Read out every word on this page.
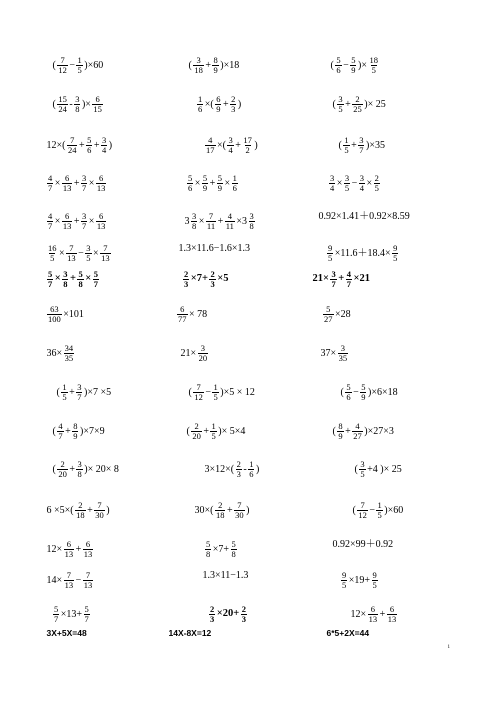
( $\frac{7}{12} - \frac{1}{5} )\times 60$	( $\frac{3}{18} + \frac{8}{9} )\times 18$	( $\frac{5}{6} - \frac{5}{9}$ )× $\frac{18}{5}$
( $\frac{15}{24} - \frac{3}{8}$ )× $\frac{6}{15}$	$\frac{1}{6}$ ×( $\frac{6}{9} + \frac{2}{3}$ )	( $\frac{3}{5} + \frac{2}{25}$ )× 25
$12\times( \frac{7}{24} + \frac{5}{6} + \frac{3}{4}$ )	$\frac{4}{17}$ ×( $\frac{3}{4} + \frac{17}{2}$ )	( $\frac{1}{5} + \frac{3}{7} )\times 35$
$\frac{4}{7} \times \frac{6}{13} + \frac{3}{7} \times \frac{6}{13}$	$\frac{5}{6} \times \frac{5}{9} + \frac{5}{9} \times \frac{1}{6}$	$\frac{3}{4} \times \frac{3}{5} - \frac{3}{4} \times \frac{2}{5}$
$\frac{4}{7} \times \frac{6}{13} + \frac{3}{7} \times \frac{6}{13}$	$3 \frac{3}{8} \times \frac{7}{11} + \frac{4}{11} \times 3 \frac{3}{8}$	0.92×1.41＋0.92×8.59
$\frac{16}{5} \times \frac{7}{13} - \frac{3}{5} \times \frac{7}{13}$	1.3×11.6−1.6×1.3	$\frac{9}{5} \times 11.6+18.4\times \frac{9}{5}$
$\frac{5}{7} \times \frac{3}{8} + \frac{5}{8} \times \frac{5}{7}$	$\frac{2}{3} \times 7+ \frac{2}{3} \times 5$	$21\times \frac{3}{7} + \frac{4}{7} \times 21$
$\frac{63}{100} \times 101$	$\frac{6}{77} \times 78$	$\frac{5}{27} \times 28$
$36\times \frac{34}{35}$	$21\times \frac{3}{20}$	$37\times \frac{3}{35}$
( $\frac{1}{5} + \frac{3}{7} )\times 7 \times 5$	( $\frac{7}{12} - \frac{1}{5} )\times 5 \times 12$	( $\frac{5}{6} - \frac{5}{9} )\times 6\times 18$
( $\frac{4}{7} + \frac{8}{9} )\times 7\times 9$	( $\frac{2}{20} + \frac{1}{5}$ )× 5×4	( $\frac{8}{9} + \frac{4}{27} )\times 27\times 3$
( $\frac{2}{20} + \frac{3}{8}$ )× 20× 8	$3\times 12\times( \frac{2}{3} - \frac{1}{6}$ )	( $\frac{3}{5} +4$ )× 25
$6 \times 5\times( \frac{2}{18} + \frac{7}{30}$ )	$30\times( \frac{2}{18} + \frac{7}{30}$ )	( $\frac{7}{12} - \frac{1}{5} )\times 60$
$12\times \frac{6}{13} + \frac{6}{13}$	$\frac{5}{8} \times 7+ \frac{5}{8}$	0.92×99＋0.92
$14\times \frac{7}{13} - \frac{7}{13}$	1.3×11−1.3	$\frac{9}{5} \times 19+ \frac{9}{5}$
$\frac{5}{7} \times 13+ \frac{5}{7}$	$\frac{2}{3} \times 20+ \frac{2}{3}$	$12\times \frac{6}{13} + \frac{6}{13}$
3X+5X=48	14X-8X=12	6*5+2X=44
1
